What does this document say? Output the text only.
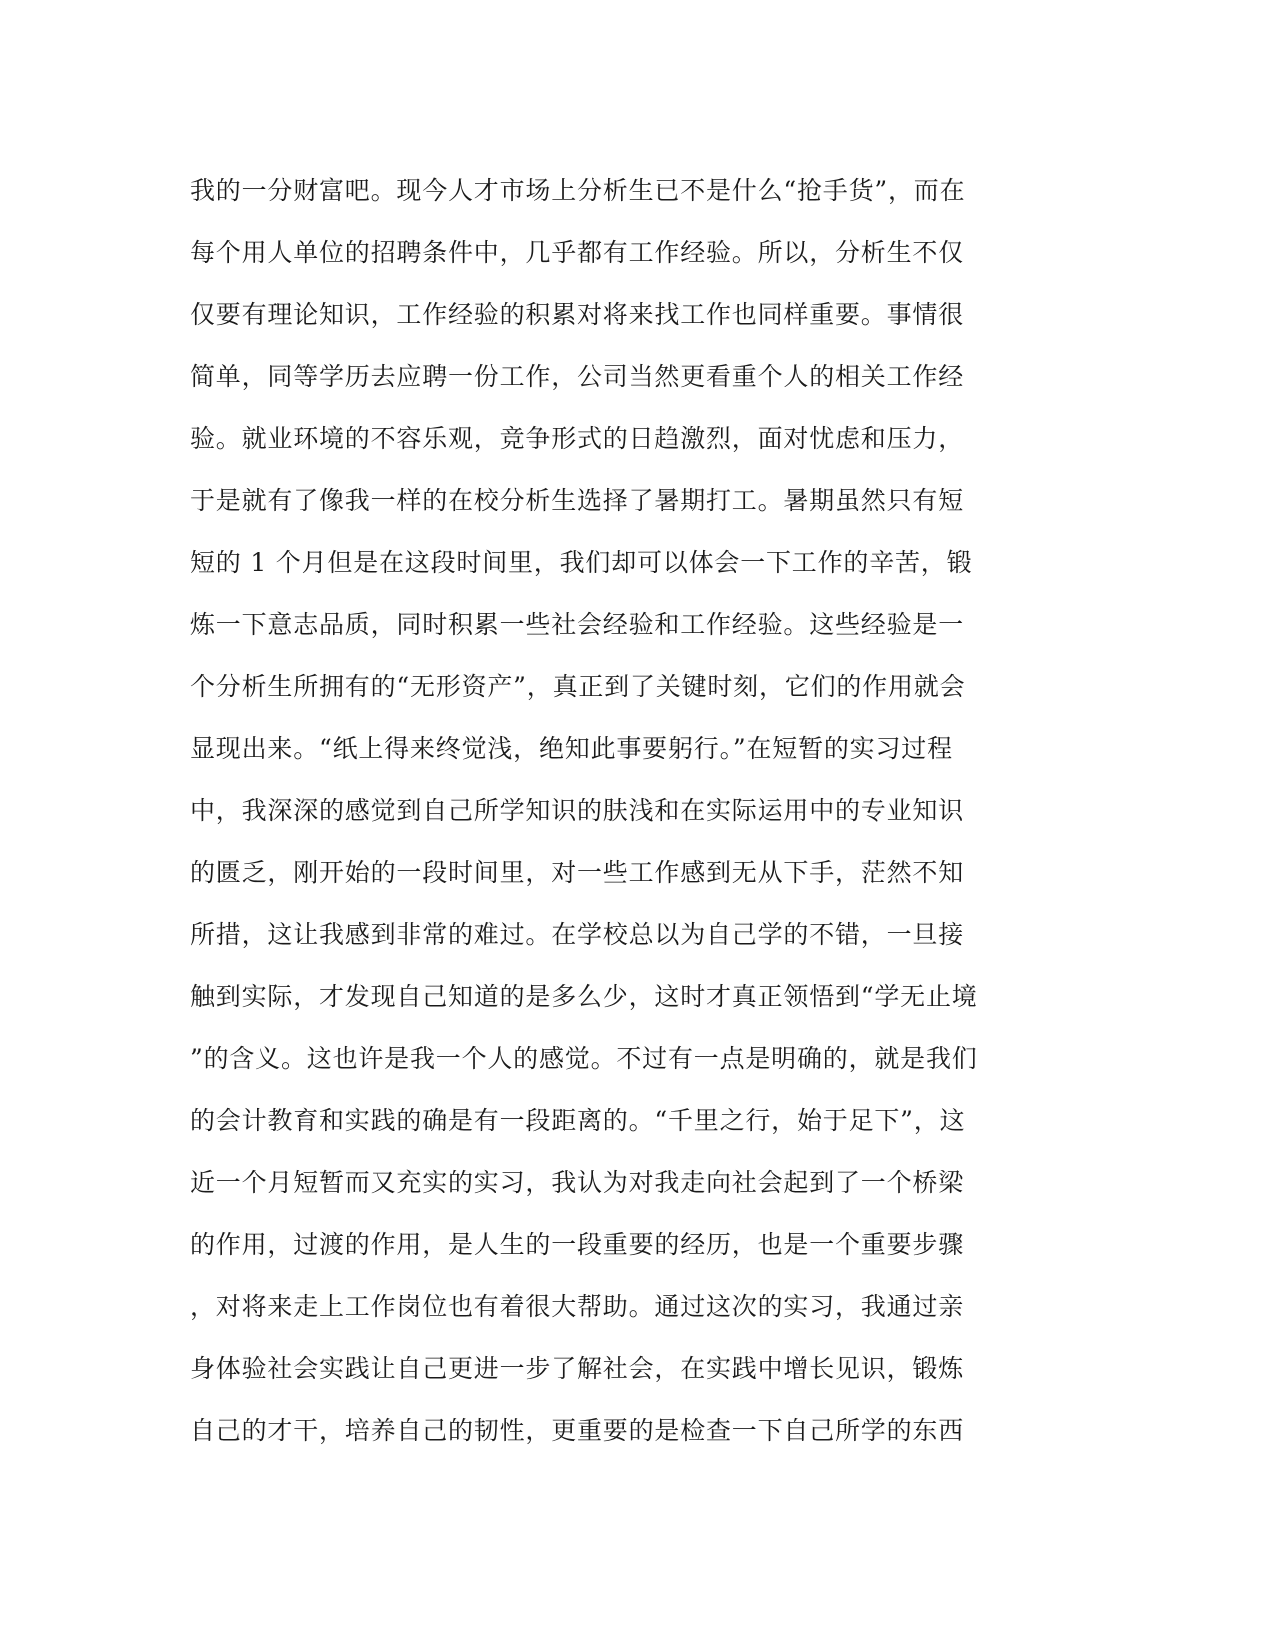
我的一分财富吧。现今人才市场上分析生已不是什么“抢手货”，而在
每个用人单位的招聘条件中，几乎都有工作经验。所以，分析生不仅
仅要有理论知识，工作经验的积累对将来找工作也同样重要。事情很
简单，同等学历去应聘一份工作，公司当然更看重个人的相关工作经
验。就业环境的不容乐观，竞争形式的日趋激烈，面对忧虑和压力，
于是就有了像我一样的在校分析生选择了暑期打工。暑期虽然只有短
短的 1 个月但是在这段时间里，我们却可以体会一下工作的辛苦，锻
炼一下意志品质，同时积累一些社会经验和工作经验。这些经验是一
个分析生所拥有的“无形资产”，真正到了关键时刻，它们的作用就会
显现出来。“纸上得来终觉浅，绝知此事要躬行。”在短暂的实习过程
中，我深深的感觉到自己所学知识的肤浅和在实际运用中的专业知识
的匮乏，刚开始的一段时间里，对一些工作感到无从下手，茫然不知
所措，这让我感到非常的难过。在学校总以为自己学的不错，一旦接
触到实际，才发现自己知道的是多么少，这时才真正领悟到“学无止境
”的含义。这也许是我一个人的感觉。不过有一点是明确的，就是我们
的会计教育和实践的确是有一段距离的。“千里之行，始于足下”，这
近一个月短暂而又充实的实习，我认为对我走向社会起到了一个桥梁
的作用，过渡的作用，是人生的一段重要的经历，也是一个重要步骤
，对将来走上工作岗位也有着很大帮助。通过这次的实习，我通过亲
身体验社会实践让自己更进一步了解社会，在实践中增长见识，锻炼
自己的才干，培养自己的韧性，更重要的是检查一下自己所学的东西
